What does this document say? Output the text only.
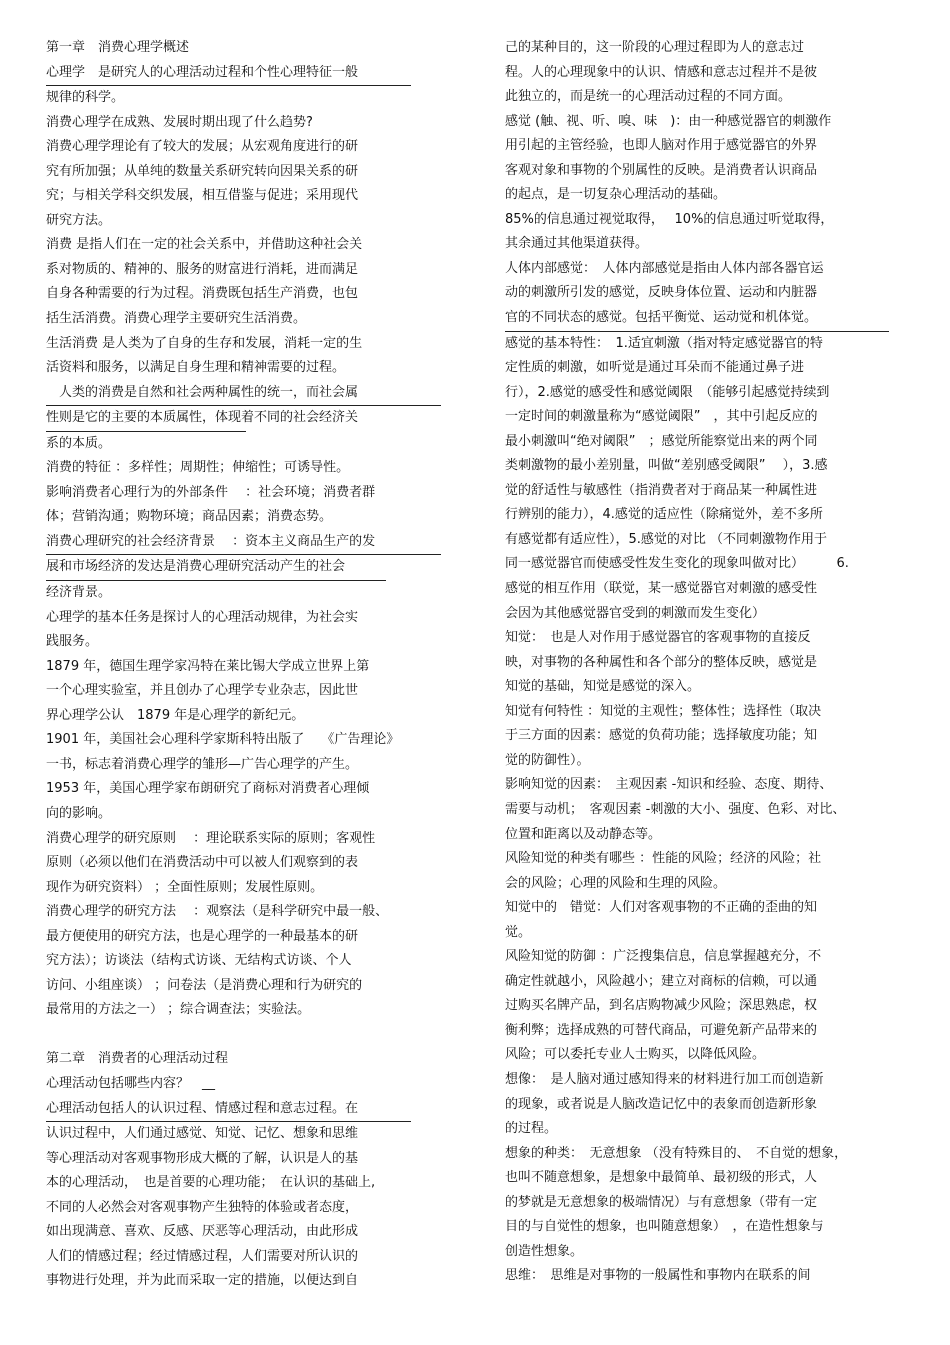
第一章　消费心理学概述
心理学　是研究人的心理活动过程和个性心理特征一般
规律的科学。
消费心理学在成熟、发展时期出现了什么趋势?
消费心理学理论有了较大的发展；从宏观角度进行的研
究有所加强；从单纯的数量关系研究转向因果关系的研
究；与相关学科交织发展，相互借鉴与促进；采用现代
研究方法。
消费 是指人们在一定的社会关系中，并借助这种社会关
系对物质的、精神的、服务的财富进行消耗，进而满足
自身各种需要的行为过程。消费既包括生产消费，也包
括生活消费。消费心理学主要研究生活消费。
生活消费 是人类为了自身的生存和发展，消耗一定的生
活资料和服务，以满足自身生理和精神需要的过程。
　人类的消费是自然和社会两种属性的统一，而社会属
性则是它的主要的本质属性，体现着不同的社会经济关
系的本质。
消费的特征 ：多样性；周期性；伸缩性；可诱导性。
影响消费者心理行为的外部条件　 ：社会环境；消费者群
体；营销沟通；购物环境；商品因素；消费态势。
消费心理研究的社会经济背景　 ：资本主义商品生产的发
展和市场经济的发达是消费心理研究活动产生的社会
经济背景。
心理学的基本任务是探讨人的心理活动规律，为社会实
践服务。
1879 年，德国生理学家冯特在莱比锡大学成立世界上第
一个心理实验室，并且创办了心理学专业杂志，因此世
界心理学公认　1879 年是心理学的新纪元。
1901 年，美国社会心理科学家斯科特出版了　 《广告理论》
一书，标志着消费心理学的雏形—广告心理学的产生。
1953 年，美国心理学家布朗研究了商标对消费者心理倾
向的影响。
消费心理学的研究原则　 ：理论联系实际的原则；客观性
原则（必须以他们在消费活动中可以被人们观察到的表
现作为研究资料） ；全面性原则；发展性原则。
消费心理学的研究方法　 ：观察法（是科学研究中最一般、
最方便使用的研究方法，也是心理学的一种最基本的研
究方法）；访谈法（结构式访谈、无结构式访谈、个人
访问、小组座谈） ；问卷法（是消费心理和行为研究的
最常用的方法之一） ；综合调查法；实验法。
第二章　消费者的心理活动过程
心理活动包括哪些内容？　__
心理活动包括人的认识过程、情感过程和意志过程。在
认识过程中，人们通过感觉、知觉、记忆、想象和思维
等心理活动对客观事物形成大概的了解，认识是人的基
本的心理活动，　也是首要的心理功能；　在认识的基础上,
不同的人必然会对客观事物产生独特的体验或者态度，
如出现满意、喜欢、反感、厌恶等心理活动，由此形成
人们的情感过程；经过情感过程，人们需要对所认识的
事物进行处理，并为此而采取一定的措施，以便达到自
己的某种目的，这一阶段的心理过程即为人的意志过
程。人的心理现象中的认识、情感和意志过程并不是彼
此独立的，而是统一的心理活动过程的不同方面。
感觉 (触、视、听、嗅、味　)：由一种感觉器官的刺激作
用引起的主管经验，也即人脑对作用于感觉器官的外界
客观对象和事物的个别属性的反映。是消费者认识商品
的起点，是一切复杂心理活动的基础。
85%的信息通过视觉取得，　 10%的信息通过听觉取得，
其余通过其他渠道获得。
人体内部感觉：　人体内部感觉是指由人体内部各器官运
动的刺激所引发的感觉，反映身体位置、运动和内脏器
官的不同状态的感觉。包括平衡觉、运动觉和机体觉。
感觉的基本特性：　1.适宜刺激（指对特定感觉器官的特
定性质的刺激，如听觉是通过耳朵而不能通过鼻子进
行），2.感觉的感受性和感觉阈限　（能够引起感觉持续到
一定时间的刺激量称为“感觉阈限”　，其中引起反应的
最小刺激叫“绝对阈限”　；感觉所能察觉出来的两个同
类刺激物的最小差别量，叫做“差别感受阈限”　 ），3.感
觉的舒适性与敏感性（指消费者对于商品某一种属性进
行辨别的能力），4.感觉的适应性（除痛觉外，差不多所
有感觉都有适应性），5.感觉的对比 （不同刺激物作用于
同一感觉器官而使感受性发生变化的现象叫做对比）　　　6.
感觉的相互作用（联觉，某一感觉器官对刺激的感受性
会因为其他感觉器官受到的刺激而发生变化）
知觉：　也是人对作用于感觉器官的客观事物的直接反
映，对事物的各种属性和各个部分的整体反映，感觉是
知觉的基础，知觉是感觉的深入。
知觉有何特性 ：知觉的主观性；整体性；选择性（取决
于三方面的因素：感觉的负荷功能；选择敏度功能；知
觉的防御性）。
影响知觉的因素：　主观因素 -知识和经验、态度、期待、
需要与动机；　客观因素 -刺激的大小、强度、色彩、对比、
位置和距离以及动静态等。
风险知觉的种类有哪些 ：性能的风险；经济的风险；社
会的风险；心理的风险和生理的风险。
知觉中的　错觉：人们对客观事物的不正确的歪曲的知
觉。
风险知觉的防御 ：广泛搜集信息，信息掌握越充分，不
确定性就越小，风险越小；建立对商标的信赖，可以通
过购买名牌产品，到名店购物减少风险；深思熟虑，权
衡利弊；选择成熟的可替代商品，可避免新产品带来的
风险；可以委托专业人士购买，以降低风险。
想像：　是人脑对通过感知得来的材料进行加工而创造新
的现象，或者说是人脑改造记忆中的表象而创造新形象
的过程。
想象的种类：　无意想象 （没有特殊目的、　不自觉的想象，
也叫不随意想象，是想象中最简单、最初级的形式，人
的梦就是无意想象的极端情况）与有意想象（带有一定
目的与自觉性的想象，也叫随意想象）　，在造性想象与
创造性想象。
思维：　思维是对事物的一般属性和事物内在联系的间
